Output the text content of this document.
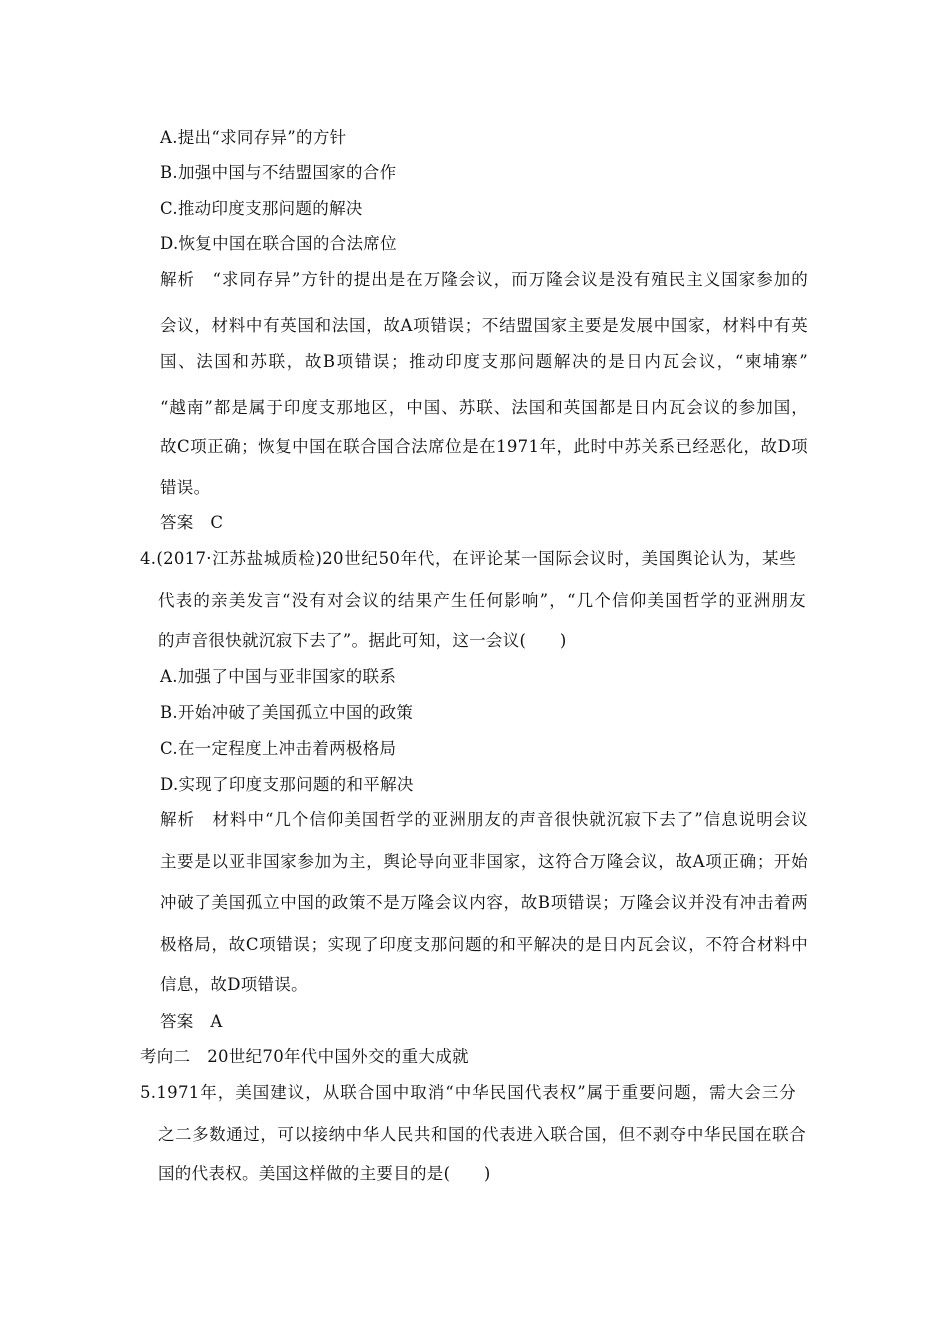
A.提出“求同存异”的方针
B.加强中国与不结盟国家的合作
C.推动印度支那问题的解决
D.恢复中国在联合国的合法席位
解析　“求同存异”方针的提出是在万隆会议，而万隆会议是没有殖民主义国家参加的
会议，材料中有英国和法国，故A项错误；不结盟国家主要是发展中国家，材料中有英
国、法国和苏联，故B项错误；推动印度支那问题解决的是日内瓦会议，“柬埔寨”
“越南”都是属于印度支那地区，中国、苏联、法国和英国都是日内瓦会议的参加国，
故C项正确；恢复中国在联合国合法席位是在1971年，此时中苏关系已经恶化，故D项
错误。
答案　C
4.(2017·江苏盐城质检)20世纪50年代，在评论某一国际会议时，美国舆论认为，某些
代表的亲美发言“没有对会议的结果产生任何影响”，“几个信仰美国哲学的亚洲朋友
的声音很快就沉寂下去了”。据此可知，这一会议(　　)
A.加强了中国与亚非国家的联系
B.开始冲破了美国孤立中国的政策
C.在一定程度上冲击着两极格局
D.实现了印度支那问题的和平解决
解析　材料中“几个信仰美国哲学的亚洲朋友的声音很快就沉寂下去了”信息说明会议
主要是以亚非国家参加为主，舆论导向亚非国家，这符合万隆会议，故A项正确；开始
冲破了美国孤立中国的政策不是万隆会议内容，故B项错误；万隆会议并没有冲击着两
极格局，故C项错误；实现了印度支那问题的和平解决的是日内瓦会议，不符合材料中
信息，故D项错误。
答案　A
考向二　20世纪70年代中国外交的重大成就
5.1971年，美国建议，从联合国中取消“中华民国代表权”属于重要问题，需大会三分
之二多数通过，可以接纳中华人民共和国的代表进入联合国，但不剥夺中华民国在联合
国的代表权。美国这样做的主要目的是(　　)
